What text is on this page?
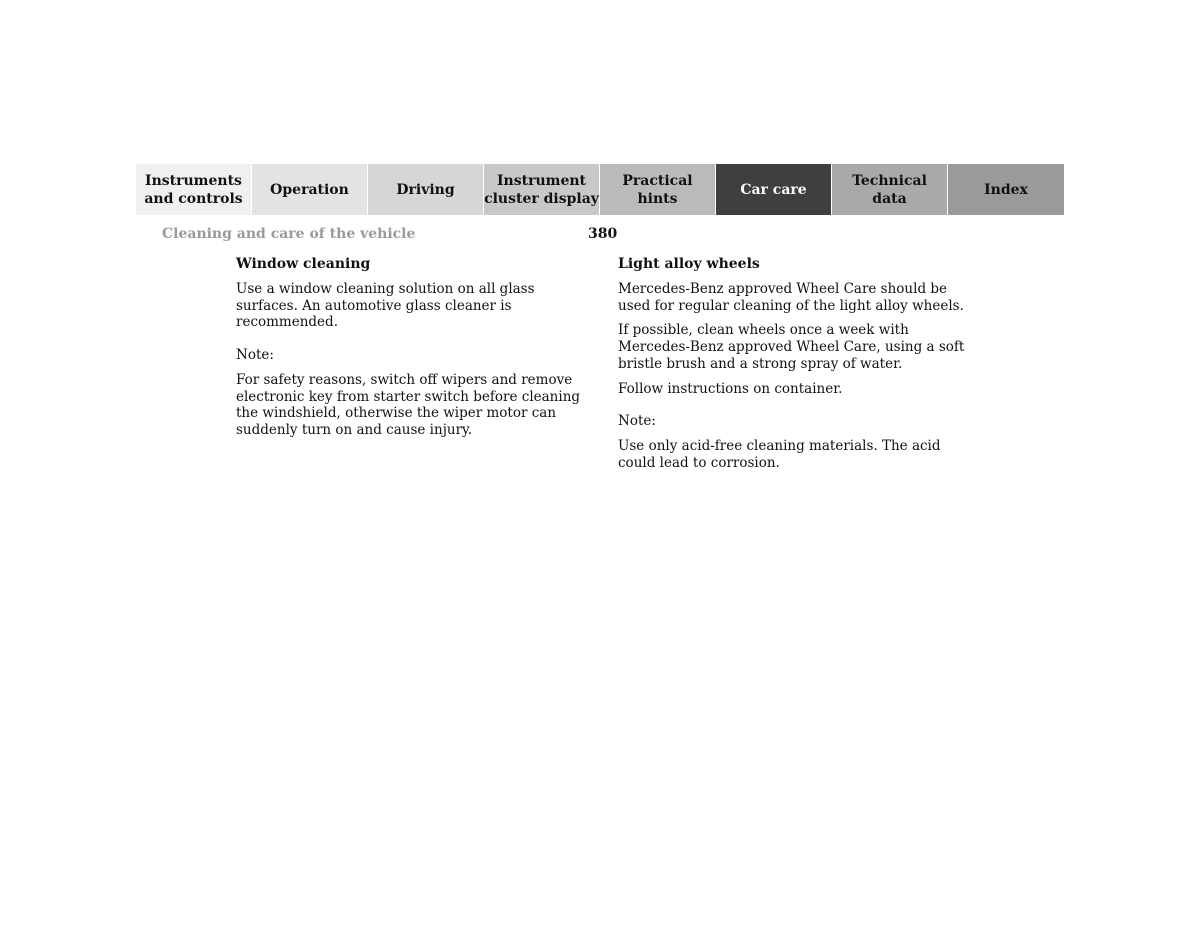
Instruments
and controls
Operation	Driving
Instrument
cluster display
Practical hints
Car care
Technical
data
Index
Cleaning and care of the vehicle	380
Window cleaning

Use a window cleaning solution on all glass surfaces. An automotive glass cleaner is recommended.

Note:

For safety reasons, switch off wipers and remove electronic key from starter switch before cleaning the windshield, otherwise the wiper motor can suddenly turn on and cause injury.

Light alloy wheels

Mercedes-Benz approved Wheel Care should be used for regular cleaning of the light alloy wheels.

If possible, clean wheels once a week with Mercedes-Benz approved Wheel Care, using a soft bristle brush and a strong spray of water.

Follow instructions on container.

Note:

Use only acid-free cleaning materials. The acid could lead to corrosion.
